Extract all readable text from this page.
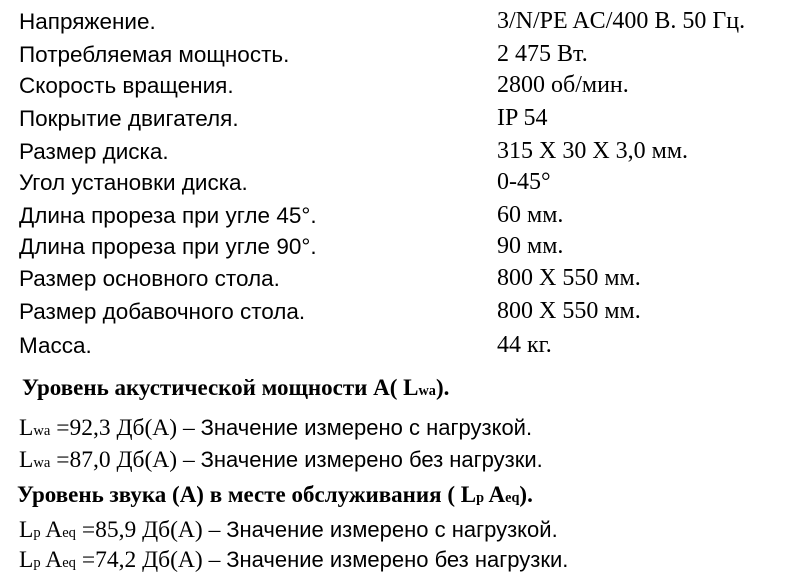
Напряжение.	3/N/PE AC/400 В. 50 Гц.
Потребляемая мощность.	2 475 Вт.
Скорость вращения.	2800 об/мин.
Покрытие двигателя.	IP 54
Размер диска.	315 X 30 X 3,0 мм.
Угол установки диска.	0-45°
Длина прореза при угле 45°.	60 мм.
Длина прореза при угле 90°.	90 мм.
Размер основного стола.	800 X 550 мм.
Размер добавочного стола.	800 X 550 мм.
Масса.	44 кг.
Уровень акустической мощности A( Lwa).
Lwa =92,3 Дб(А) – Значение измерено с нагрузкой.
Lwa =87,0 Дб(А) – Значение измерено без нагрузки.
Уровень звука (А) в месте обслуживания ( Lp Aeq).
Lp Aeq =85,9 Дб(А) – Значение измерено с нагрузкой.
Lp Aeq =74,2 Дб(А) – Значение измерено без нагрузки.
